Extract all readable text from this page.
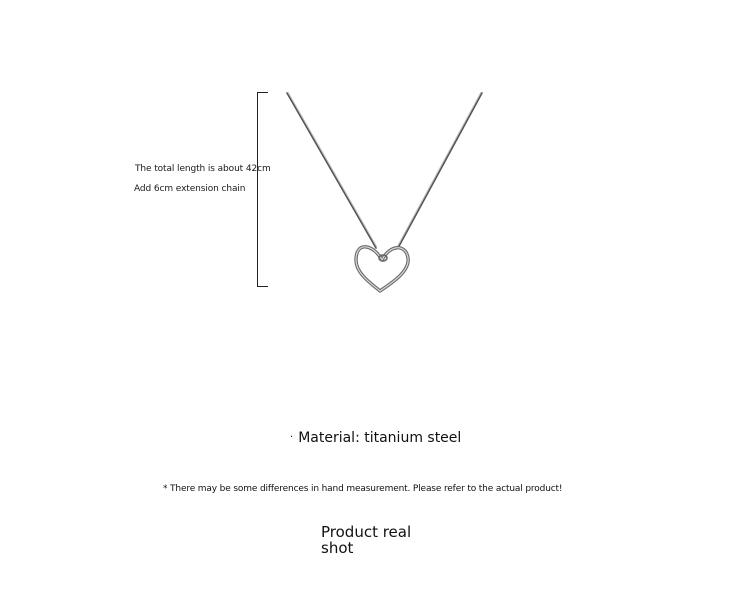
The total length is about 42cm
Add 6cm extension chain
· Material: titanium steel
* There may be some differences in hand measurement. Please refer to the actual product!
Product real shot
